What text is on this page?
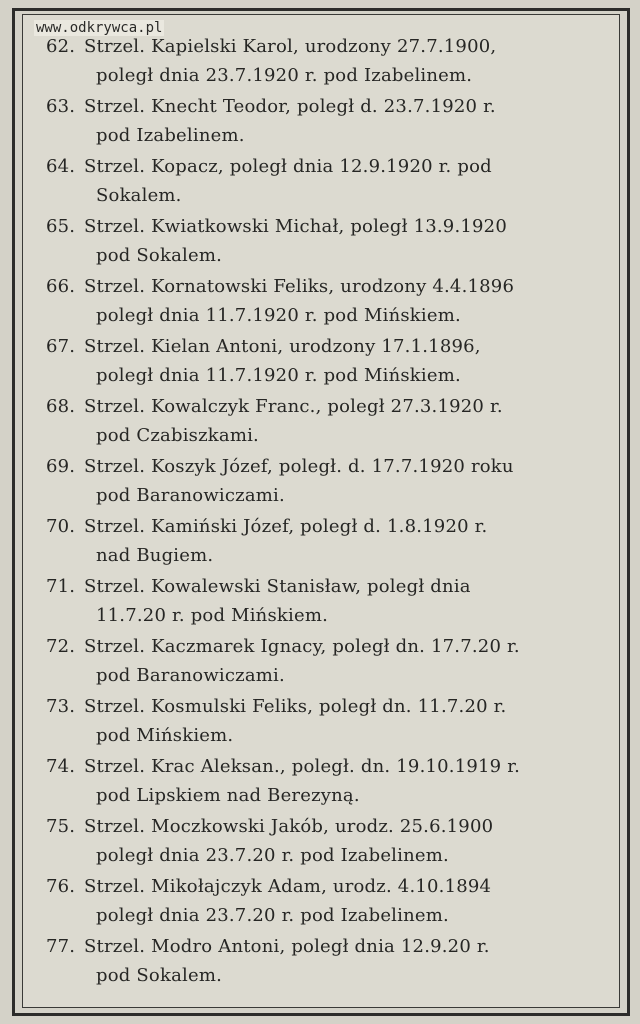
www.odkrywca.pl
62. Strzel. Kapielski Karol, urodzony 27.7.1900,
poległ dnia 23.7.1920 r. pod Izabelinem.
63. Strzel. Knecht Teodor, poległ d. 23.7.1920 r.
pod Izabelinem.
64. Strzel. Kopacz, poległ dnia 12.9.1920 r. pod
Sokalem.
65. Strzel. Kwiatkowski Michał, poległ 13.9.1920
pod Sokalem.
66. Strzel. Kornatowski Feliks, urodzony 4.4.1896
poległ dnia 11.7.1920 r. pod Mińskiem.
67. Strzel. Kielan Antoni, urodzony 17.1.1896,
poległ dnia 11.7.1920 r. pod Mińskiem.
68. Strzel. Kowalczyk Franc., poległ 27.3.1920 r.
pod Czabiszkami.
69. Strzel. Koszyk Józef, poległ. d. 17.7.1920 roku
pod Baranowiczami.
70. Strzel. Kamiński Józef, poległ d. 1.8.1920 r.
nad Bugiem.
71. Strzel. Kowalewski Stanisław, poległ dnia
11.7.20 r. pod Mińskiem.
72. Strzel. Kaczmarek Ignacy, poległ dn. 17.7.20 r.
pod Baranowiczami.
73. Strzel. Kosmulski Feliks, poległ dn. 11.7.20 r.
pod Mińskiem.
74. Strzel. Krac Aleksan., poległ. dn. 19.10.1919 r.
pod Lipskiem nad Berezyną.
75. Strzel. Moczkowski Jakób, urodz. 25.6.1900
poległ dnia 23.7.20 r. pod Izabelinem.
76. Strzel. Mikołajczyk Adam, urodz. 4.10.1894
poległ dnia 23.7.20 r. pod Izabelinem.
77. Strzel. Modro Antoni, poległ dnia 12.9.20 r.
pod Sokalem.
